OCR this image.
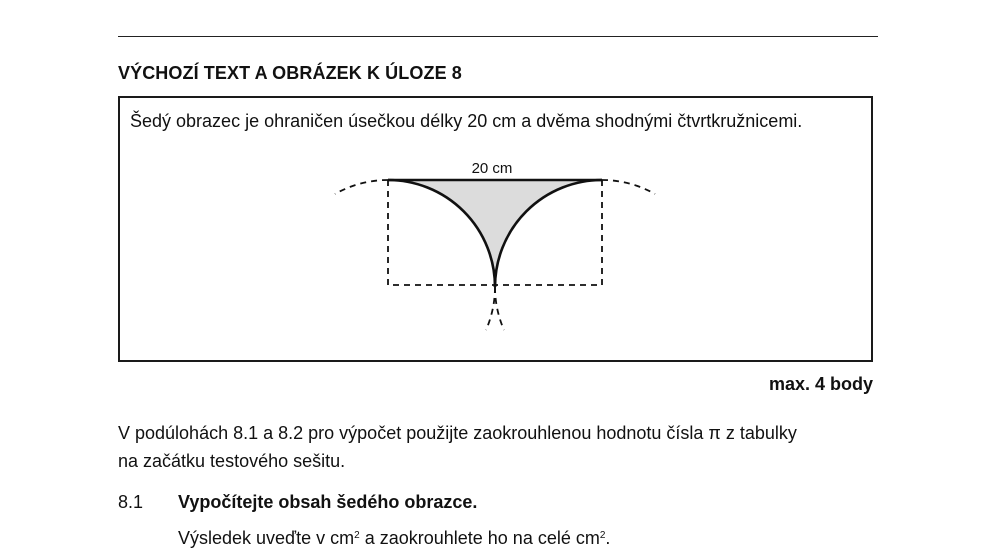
VÝCHOZÍ TEXT A OBRÁZEK K ÚLOZE 8
Šedý obrazec je ohraničen úsečkou délky 20 cm a dvěma shodnými čtvrtkružnicemi.
20 cm
max. 4 body
V podúlohách 8.1 a 8.2 pro výpočet použijte zaokrouhlenou hodnotu čísla π z tabulky
na začátku testového sešitu.
8.1 Vypočítejte obsah šedého obrazce.
Výsledek uveďte v $cm^2$ a zaokrouhlete ho na celé $cm^2$.
